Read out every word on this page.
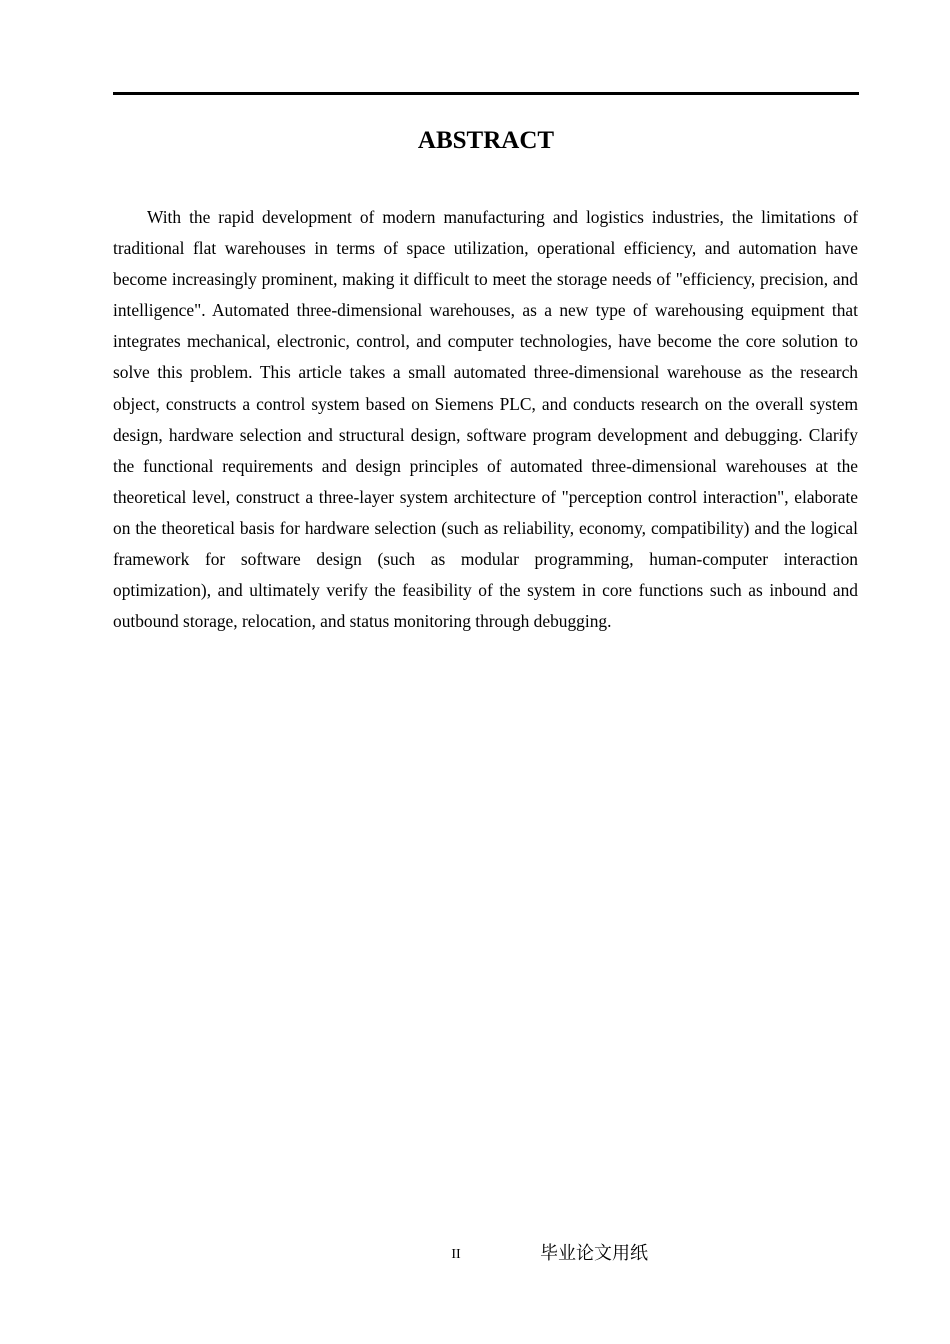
ABSTRACT

With the rapid development of modern manufacturing and logistics industries, the limitations of traditional flat warehouses in terms of space utilization, operational efficiency, and automation have become increasingly prominent, making it difficult to meet the storage needs of "efficiency, precision, and intelligence". Automated three-dimensional warehouses, as a new type of warehousing equipment that integrates mechanical, electronic, control, and computer technologies, have become the core solution to solve this problem. This article takes a small automated three-dimensional warehouse as the research object, constructs a control system based on Siemens PLC, and conducts research on the overall system design, hardware selection and structural design, software program development and debugging. Clarify the functional requirements and design principles of automated three-dimensional warehouses at the theoretical level, construct a three-layer system architecture of "perception control interaction", elaborate on the theoretical basis for hardware selection (such as reliability, economy, compatibility) and the logical framework for software design (such as modular programming, human-computer interaction optimization), and ultimately verify the feasibility of the system in core functions such as inbound and outbound storage, relocation, and status monitoring through debugging.

II	毕业论文用纸
